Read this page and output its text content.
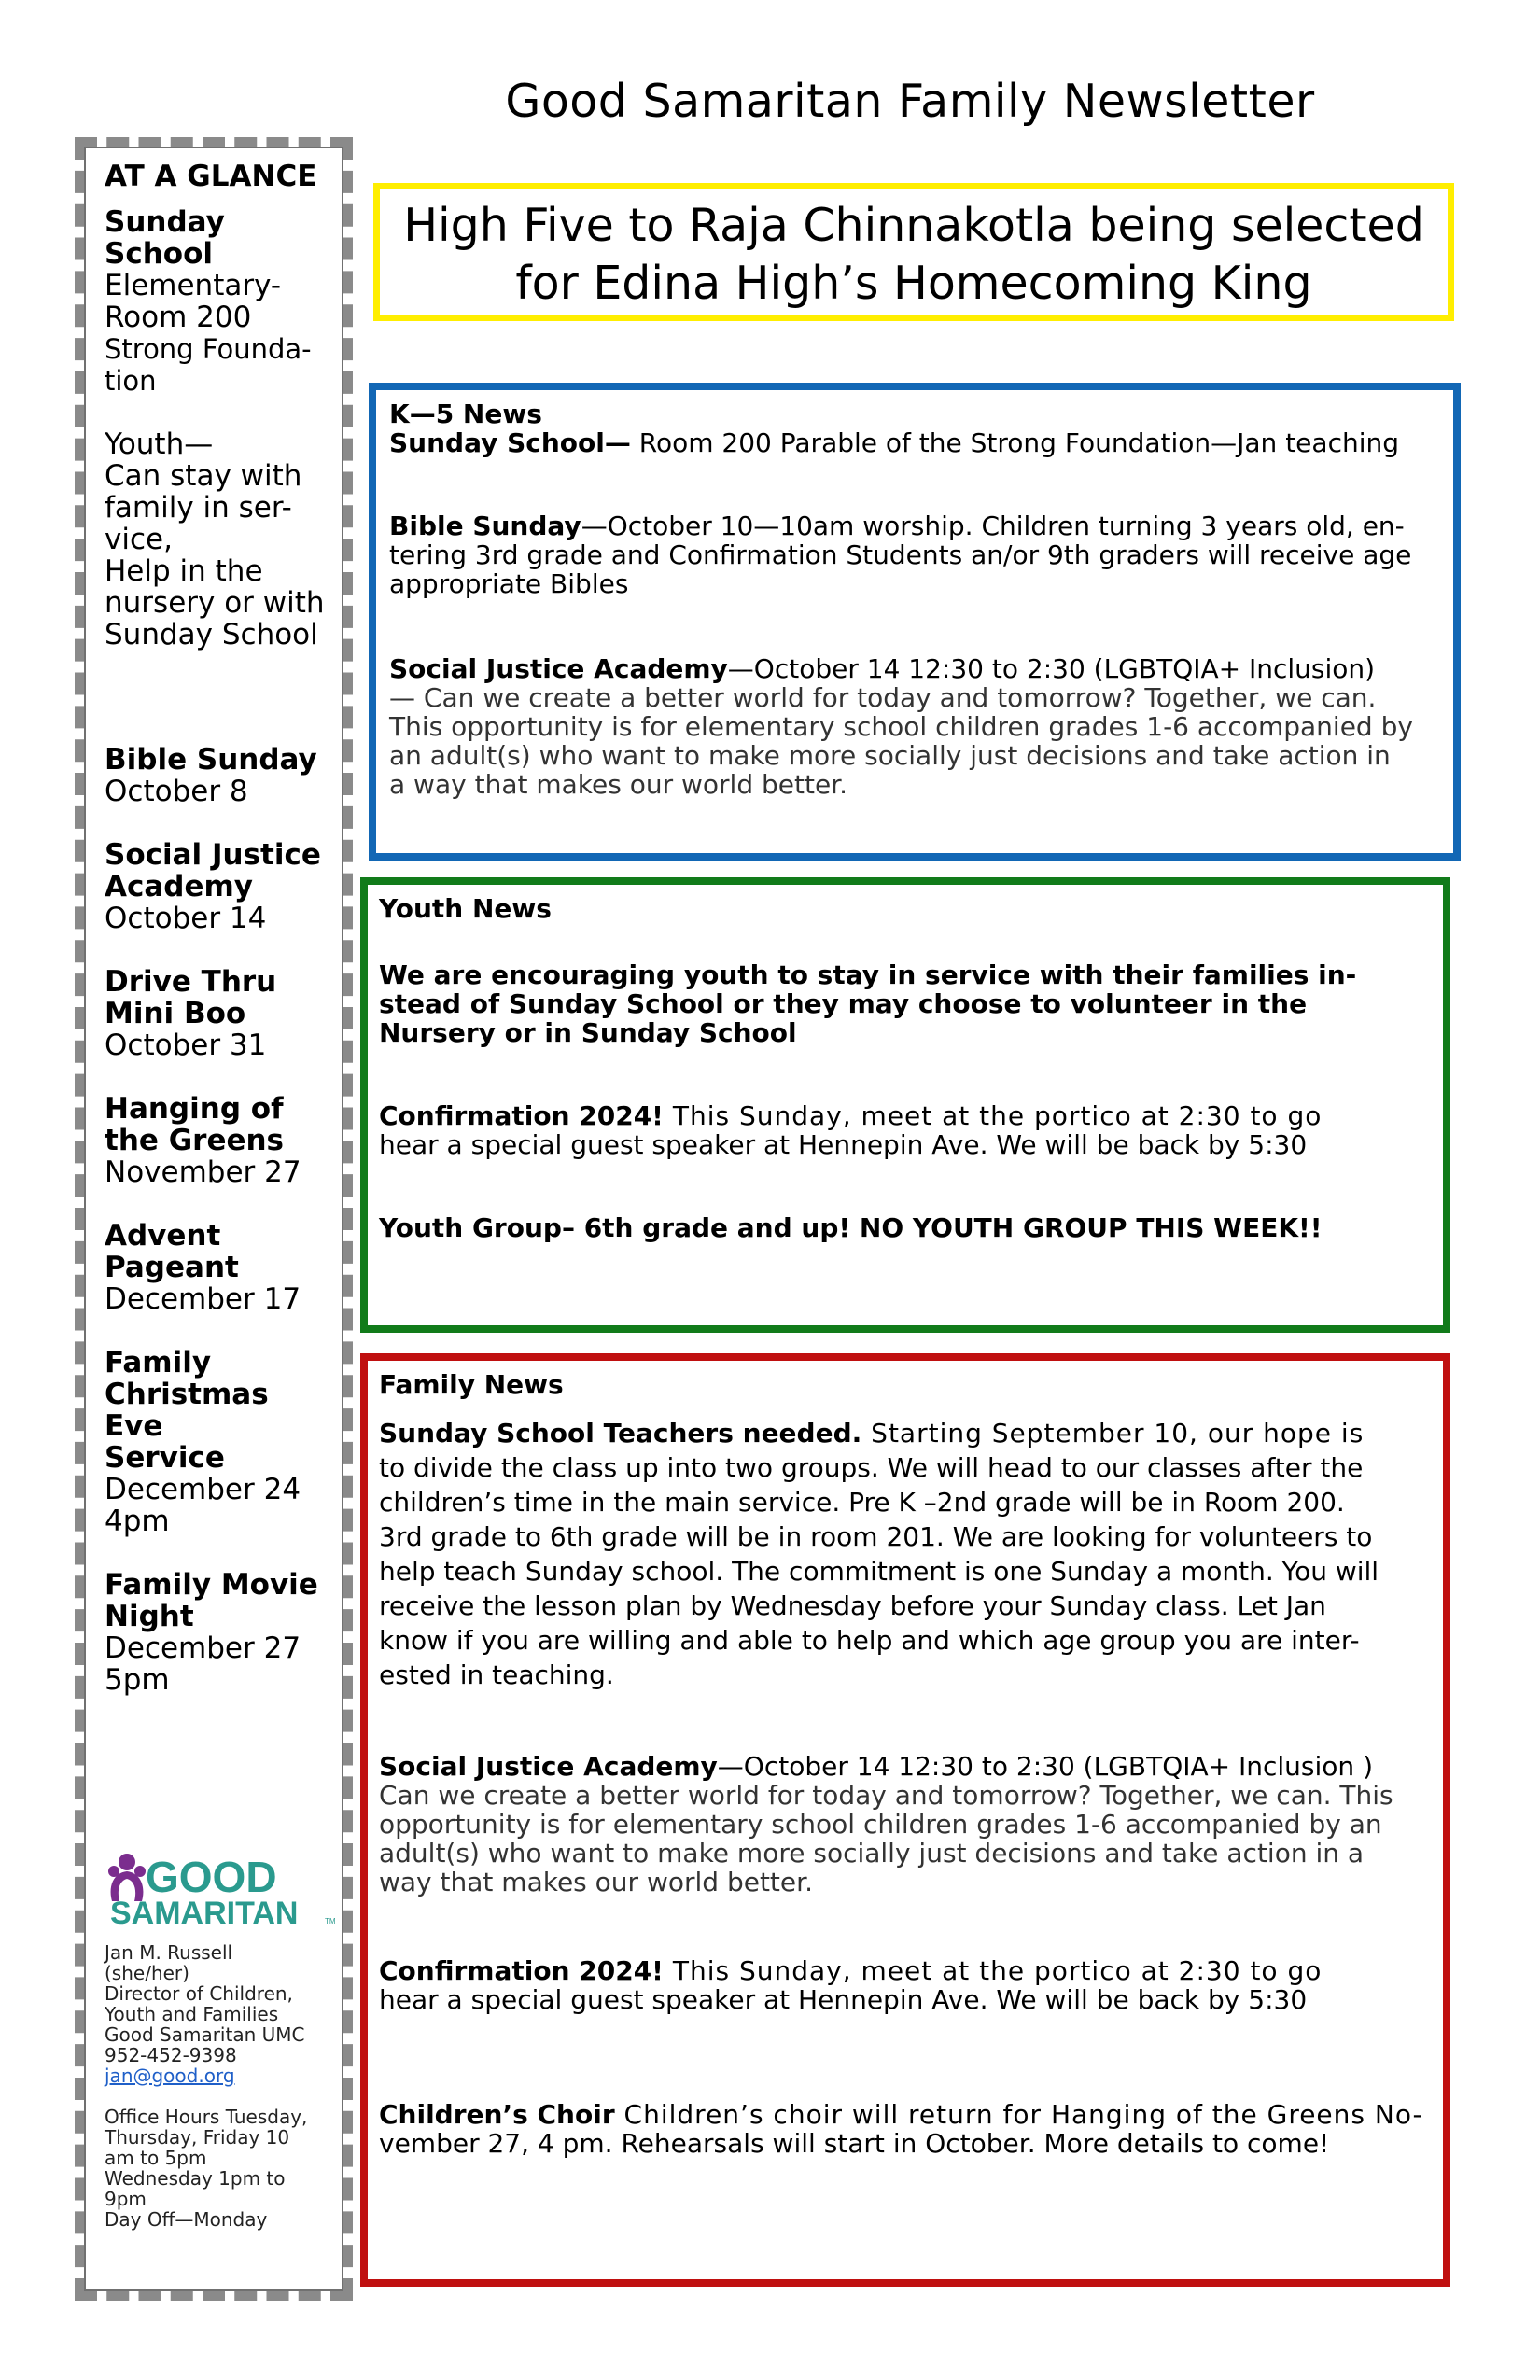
Good Samaritan Family Newsletter
AT A GLANCE
Sunday
School
Elementary-
Room 200
Strong Founda-
tion
Youth—
Can stay with
family in ser-
vice,
Help in the
nursery or with
Sunday School
Bible Sunday
October 8
Social Justice
Academy
October 14
Drive Thru
Mini Boo
October 31
Hanging of
the Greens
November 27
Advent
Pageant
December 17
Family
Christmas Eve
Service
December 24
4pm
Family Movie
Night
December 27
5pm
GOOD
SAMARITAN	TM
Jan M. Russell
(she/her)
Director of Children,
Youth and Families
Good Samaritan UMC
952-452-9398
jan@good.org
Office Hours Tuesday,
Thursday, Friday 10
am to 5pm
Wednesday 1pm to
9pm
Day Off—Monday
High Five to Raja Chinnakotla being selected
for Edina High’s Homecoming King
K—5 News
Sunday School— Room 200 Parable of the Strong Foundation—Jan teaching
Bible Sunday—October 10—10am worship. Children turning 3 years old, en-
tering 3rd grade and Confirmation Students an/or 9th graders will receive age
appropriate Bibles
Social Justice Academy—October 14 12:30 to 2:30 (LGBTQIA+ Inclusion)
— Can we create a better world for today and tomorrow? Together, we can.
This opportunity is for elementary school children grades 1-6 accompanied by
an adult(s) who want to make more socially just decisions and take action in
a way that makes our world better.
Youth News
We are encouraging youth to stay in service with their families in-
stead of Sunday School or they may choose to volunteer in the
Nursery or in Sunday School
Confirmation 2024! This Sunday, meet at the portico at 2:30 to go
hear a special guest speaker at Hennepin Ave. We will be back by 5:30
Youth Group– 6th grade and up! NO YOUTH GROUP THIS WEEK!!
Family News
Sunday School Teachers needed. Starting September 10, our hope is
to divide the class up into two groups. We will head to our classes after the
children’s time in the main service. Pre K –2nd grade will be in Room 200.
3rd grade to 6th grade will be in room 201. We are looking for volunteers to
help teach Sunday school. The commitment is one Sunday a month. You will
receive the lesson plan by Wednesday before your Sunday class. Let Jan
know if you are willing and able to help and which age group you are inter-
ested in teaching.
Social Justice Academy—October 14 12:30 to 2:30 (LGBTQIA+ Inclusion )
Can we create a better world for today and tomorrow? Together, we can. This
opportunity is for elementary school children grades 1-6 accompanied by an
adult(s) who want to make more socially just decisions and take action in a
way that makes our world better.
Confirmation 2024! This Sunday, meet at the portico at 2:30 to go
hear a special guest speaker at Hennepin Ave. We will be back by 5:30
Children’s Choir Children’s choir will return for Hanging of the Greens No-
vember 27, 4 pm. Rehearsals will start in October. More details to come!
